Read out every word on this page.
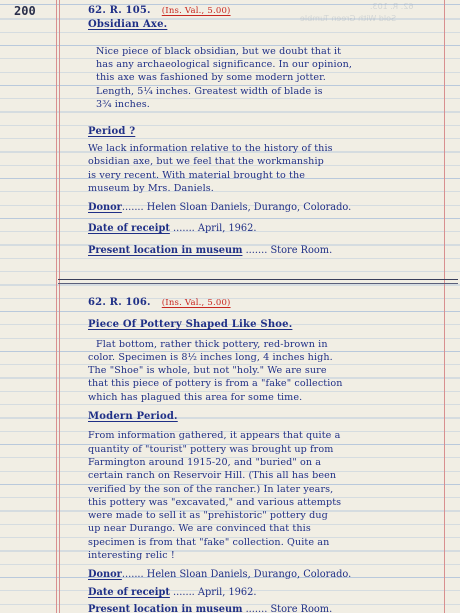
Sold With Green Tumble
62. R. 103.
200	62. R. 105. (Ins. Val., 5.00)
Obsidian Axe.
Nice piece of black obsidian, but we doubt that it
has any archaeological significance. In our opinion,
this axe was fashioned by some modern jotter.
Length, 5¼ inches. Greatest width of blade is
3¾ inches.
Period ?
We lack information relative to the history of this
obsidian axe, but we feel that the workmanship
is very recent. With material brought to the
museum by Mrs. Daniels.
Donor....... Helen Sloan Daniels, Durango, Colorado.
Date of receipt ....... April, 1962.
Present location in museum ....... Store Room.
62. R. 106. (Ins. Val., 5.00)
Piece Of Pottery Shaped Like Shoe.
Flat bottom, rather thick pottery, red-brown in
color. Specimen is 8½ inches long, 4 inches high.
The "Shoe" is whole, but not "holy." We are sure
that this piece of pottery is from a "fake" collection
which has plagued this area for some time.
Modern Period.
From information gathered, it appears that quite a
quantity of "tourist" pottery was brought up from
Farmington around 1915-20, and "buried" on a
certain ranch on Reservoir Hill. (This all has been
verified by the son of the rancher.) In later years,
this pottery was "excavated," and various attempts
were made to sell it as "prehistoric" pottery dug
up near Durango. We are convinced that this
specimen is from that "fake" collection. Quite an
interesting relic !
Donor....... Helen Sloan Daniels, Durango, Colorado.
Date of receipt ....... April, 1962.
Present location in museum ....... Store Room.
